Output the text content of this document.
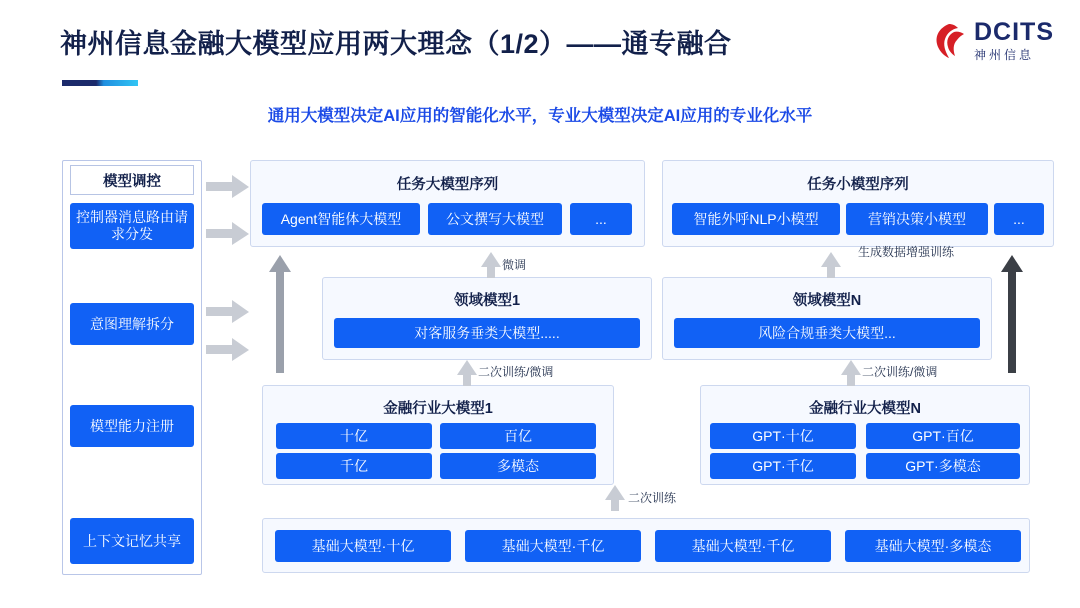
神州信息金融大模型应用两大理念（1/2）——通专融合	DCITS
神州信息
通用大模型决定AI应用的智能化水平，专业大模型决定AI应用的专业化水平
模型调控
控制器消息路由请求分发
意图理解拆分
模型能力注册
上下文记忆共享
任务大模型序列
Agent智能体大模型	公文撰写大模型	...
任务小模型序列
智能外呼NLP小模型	营销决策小模型	...
领域模型1
对客服务垂类大模型.....
领域模型N
风险合规垂类大模型...
金融行业大模型1
十亿	百亿
千亿	多模态
金融行业大模型N
GPT·十亿	GPT·百亿
GPT·千亿	GPT·多模态
基础大模型·十亿	基础大模型·千亿	基础大模型·千亿	基础大模型·多模态
微调
生成数据增强训练
二次训练/微调	二次训练/微调
二次训练
